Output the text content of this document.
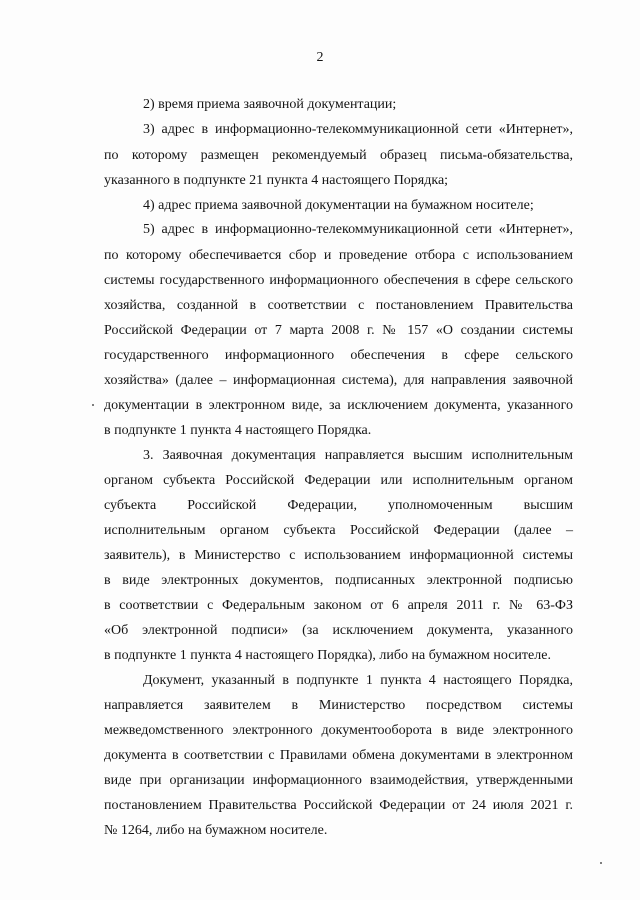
2
2) время приема заявочной документации;
3) адрес в информационно-телекоммуникационной сети «Интернет»,
по которому размещен рекомендуемый образец письма-обязательства,
указанного в подпункте 21 пункта 4 настоящего Порядка;
4) адрес приема заявочной документации на бумажном носителе;
5) адрес в информационно-телекоммуникационной сети «Интернет»,
по которому обеспечивается сбор и проведение отбора с использованием
системы государственного информационного обеспечения в сфере сельского
хозяйства, созданной в соответствии с постановлением Правительства
Российской Федерации от 7 марта 2008 г. № 157 «О создании системы
государственного информационного обеспечения в сфере сельского
хозяйства» (далее – информационная система), для направления заявочной
документации в электронном виде, за исключением документа, указанного
в подпункте 1 пункта 4 настоящего Порядка.
3. Заявочная документация направляется высшим исполнительным
органом субъекта Российской Федерации или исполнительным органом
субъекта Российской Федерации, уполномоченным высшим
исполнительным органом субъекта Российской Федерации (далее –
заявитель), в Министерство с использованием информационной системы
в виде электронных документов, подписанных электронной подписью
в соответствии с Федеральным законом от 6 апреля 2011 г. № 63-ФЗ
«Об электронной подписи» (за исключением документа, указанного
в подпункте 1 пункта 4 настоящего Порядка), либо на бумажном носителе.
Документ, указанный в подпункте 1 пункта 4 настоящего Порядка,
направляется заявителем в Министерство посредством системы
межведомственного электронного документооборота в виде электронного
документа в соответствии с Правилами обмена документами в электронном
виде при организации информационного взаимодействия, утвержденными
постановлением Правительства Российской Федерации от 24 июля 2021 г.
№ 1264, либо на бумажном носителе.
